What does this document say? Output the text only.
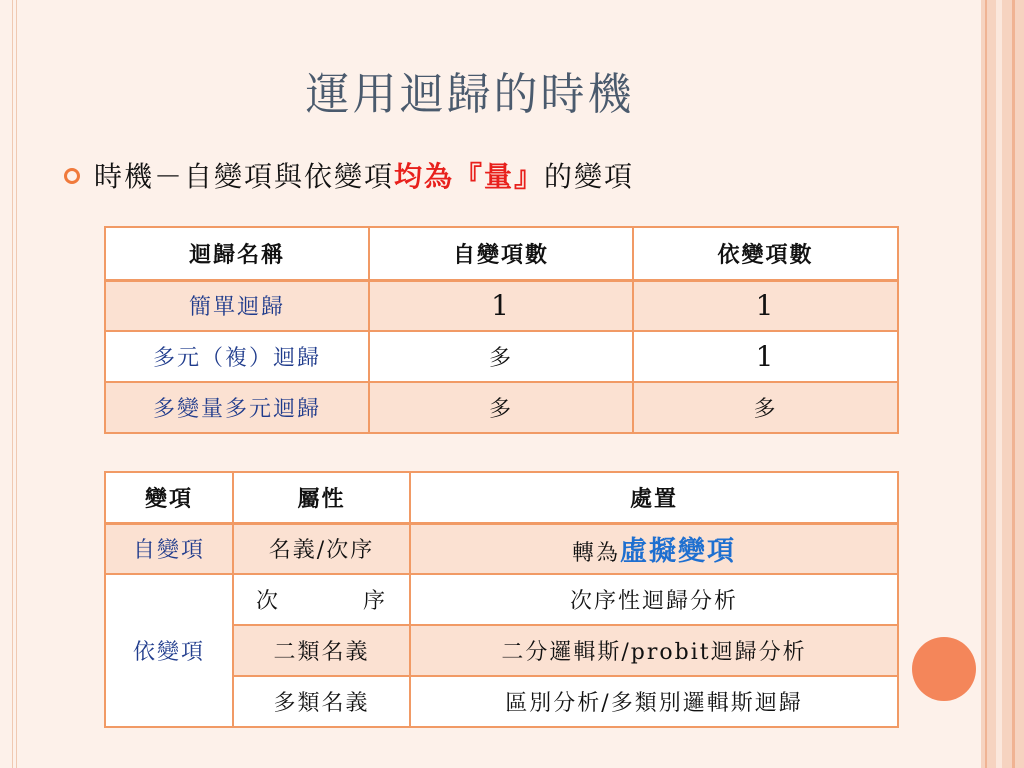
運用迴歸的時機
時機－自變項與依變項均為『量』的變項
迴歸名稱	自變項數	依變項數
簡單迴歸	1	1
多元（複）迴歸	多	1
多變量多元迴歸	多	多
變項	屬性	處置
自變項	名義/次序	轉為虛擬變項
依變項	次 序	次序性迴歸分析
	二類名義	二分邏輯斯/probit迴歸分析
	多類名義	區別分析/多類別邏輯斯迴歸
